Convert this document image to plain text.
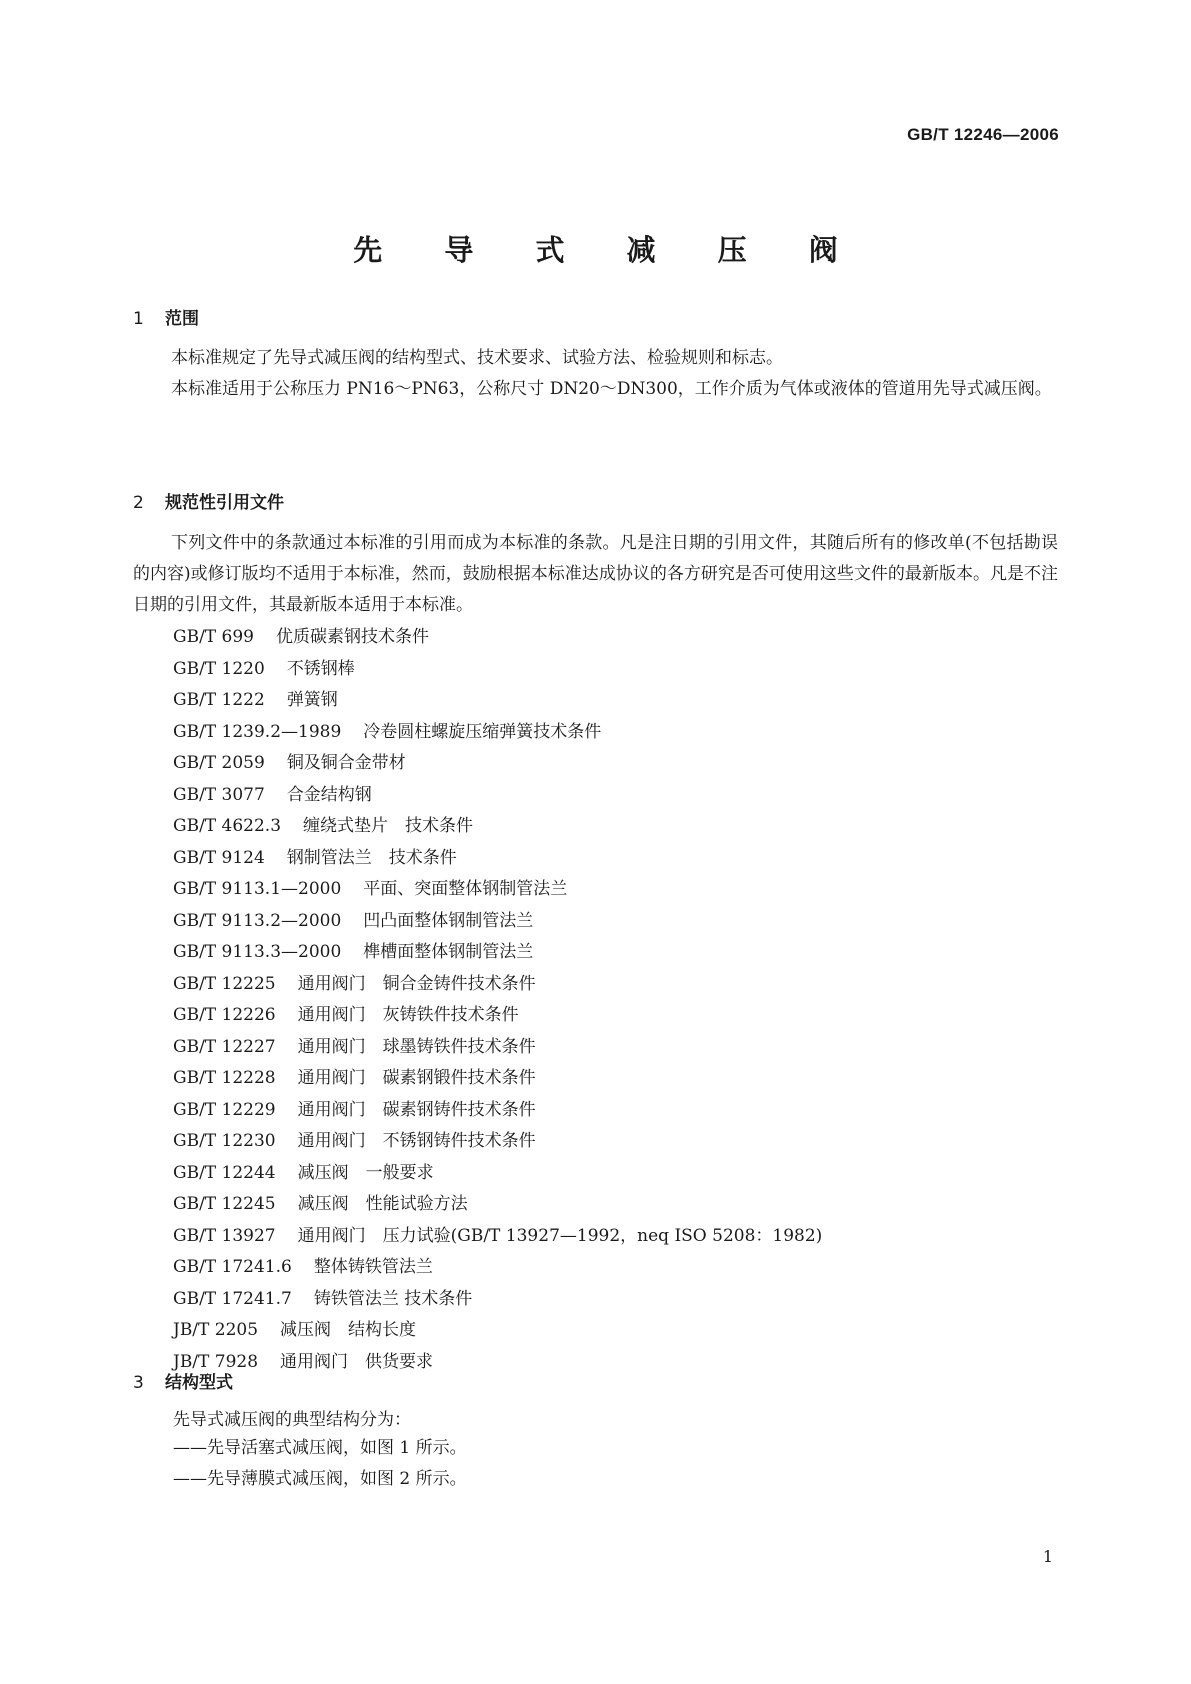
GB/T 12246—2006
先 导 式 减 压 阀
1 范围
本标准规定了先导式减压阀的结构型式、技术要求、试验方法、检验规则和标志。
本标准适用于公称压力 PN16～PN63，公称尺寸 DN20～DN300，工作介质为气体或液体的管道用先导式减压阀。
2 规范性引用文件
下列文件中的条款通过本标准的引用而成为本标准的条款。凡是注日期的引用文件，其随后所有的修改单(不包括勘误的内容)或修订版均不适用于本标准，然而，鼓励根据本标准达成协议的各方研究是否可使用这些文件的最新版本。凡是不注日期的引用文件，其最新版本适用于本标准。
GB/T 699 优质碳素钢技术条件
GB/T 1220 不锈钢棒
GB/T 1222 弹簧钢
GB/T 1239.2—1989 冷卷圆柱螺旋压缩弹簧技术条件
GB/T 2059 铜及铜合金带材
GB/T 3077 合金结构钢
GB/T 4622.3 缠绕式垫片　技术条件
GB/T 9124 钢制管法兰　技术条件
GB/T 9113.1—2000 平面、突面整体钢制管法兰
GB/T 9113.2—2000 凹凸面整体钢制管法兰
GB/T 9113.3—2000 榫槽面整体钢制管法兰
GB/T 12225 通用阀门　铜合金铸件技术条件
GB/T 12226 通用阀门　灰铸铁件技术条件
GB/T 12227 通用阀门　球墨铸铁件技术条件
GB/T 12228 通用阀门　碳素钢锻件技术条件
GB/T 12229 通用阀门　碳素钢铸件技术条件
GB/T 12230 通用阀门　不锈钢铸件技术条件
GB/T 12244 减压阀　一般要求
GB/T 12245 减压阀　性能试验方法
GB/T 13927 通用阀门　压力试验(GB/T 13927—1992，neq ISO 5208：1982)
GB/T 17241.6 整体铸铁管法兰
GB/T 17241.7 铸铁管法兰 技术条件
JB/T 2205 减压阀　结构长度
JB/T 7928 通用阀门　供货要求
3 结构型式
先导式减压阀的典型结构分为：
——先导活塞式减压阀，如图 1 所示。
——先导薄膜式减压阀，如图 2 所示。
1
